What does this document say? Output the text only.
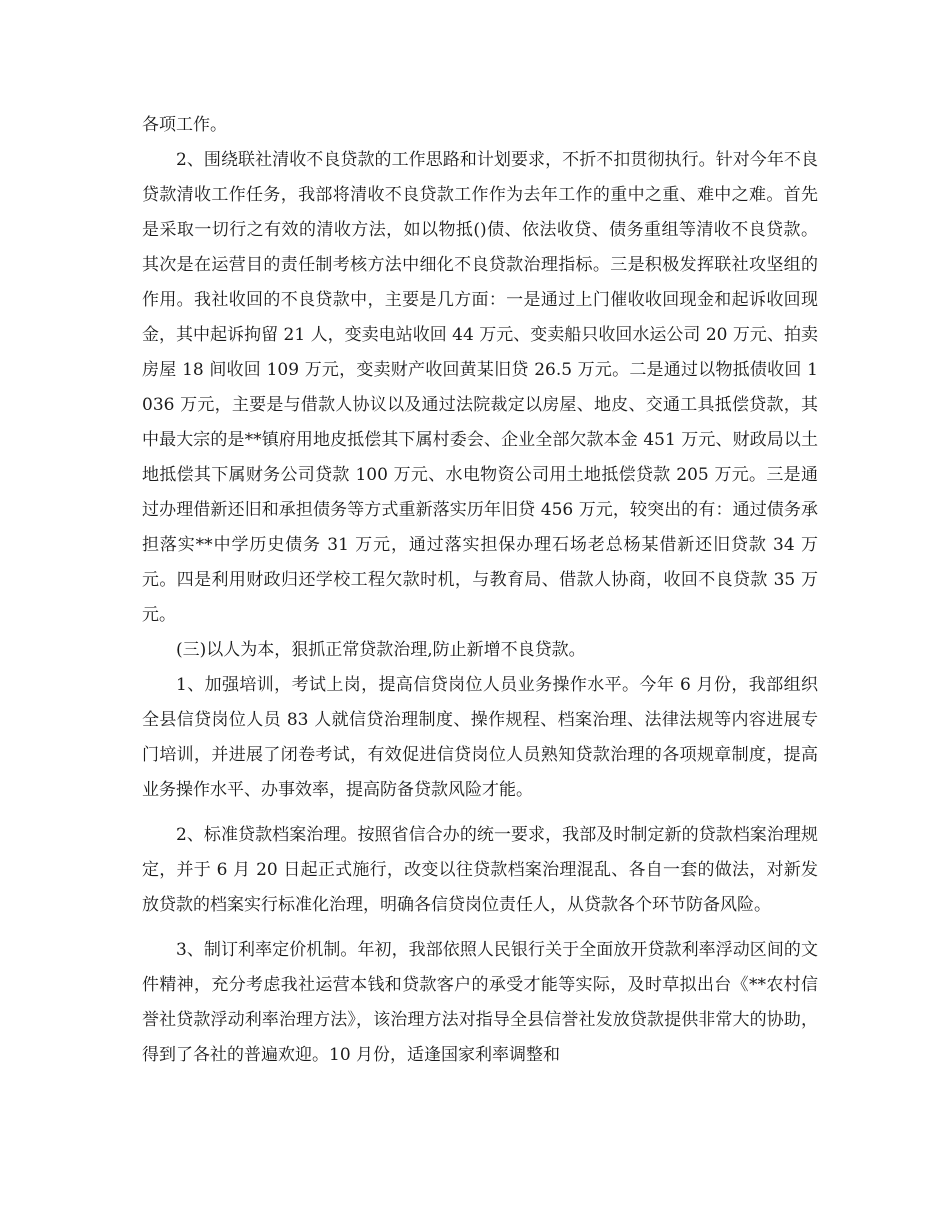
各项工作。

2、围绕联社清收不良贷款的工作思路和计划要求，不折不扣贯彻执行。针对今年不良贷款清收工作任务，我部将清收不良贷款工作作为去年工作的重中之重、难中之难。首先是采取一切行之有效的清收方法，如以物抵()债、依法收贷、债务重组等清收不良贷款。其次是在运营目的责任制考核方法中细化不良贷款治理指标。三是积极发挥联社攻坚组的作用。我社收回的不良贷款中，主要是几方面：一是通过上门催收收回现金和起诉收回现金，其中起诉拘留 21 人，变卖电站收回 44 万元、变卖船只收回水运公司 20 万元、拍卖房屋 18 间收回 109 万元，变卖财产收回黄某旧贷 26.5 万元。二是通过以物抵债收回 1036 万元，主要是与借款人协议以及通过法院裁定以房屋、地皮、交通工具抵偿贷款，其中最大宗的是**镇府用地皮抵偿其下属村委会、企业全部欠款本金 451 万元、财政局以土地抵偿其下属财务公司贷款 100 万元、水电物资公司用土地抵偿贷款 205 万元。三是通过办理借新还旧和承担债务等方式重新落实历年旧贷 456 万元，较突出的有：通过债务承担落实**中学历史债务 31 万元，通过落实担保办理石场老总杨某借新还旧贷款 34 万元。四是利用财政归还学校工程欠款时机，与教育局、借款人协商，收回不良贷款 35 万元。

(三)以人为本，狠抓正常贷款治理,防止新增不良贷款。

1、加强培训，考试上岗，提高信贷岗位人员业务操作水平。今年 6 月份，我部组织全县信贷岗位人员 83 人就信贷治理制度、操作规程、档案治理、法律法规等内容进展专门培训，并进展了闭卷考试，有效促进信贷岗位人员熟知贷款治理的各项规章制度，提高业务操作水平、办事效率，提高防备贷款风险才能。

2、标准贷款档案治理。按照省信合办的统一要求，我部及时制定新的贷款档案治理规定，并于 6 月 20 日起正式施行，改变以往贷款档案治理混乱、各自一套的做法，对新发放贷款的档案实行标准化治理，明确各信贷岗位责任人，从贷款各个环节防备风险。

3、制订利率定价机制。年初，我部依照人民银行关于全面放开贷款利率浮动区间的文件精神，充分考虑我社运营本钱和贷款客户的承受才能等实际，及时草拟出台《**农村信誉社贷款浮动利率治理方法》，该治理方法对指导全县信誉社发放贷款提供非常大的协助，得到了各社的普遍欢迎。10 月份，适逢国家利率调整和
